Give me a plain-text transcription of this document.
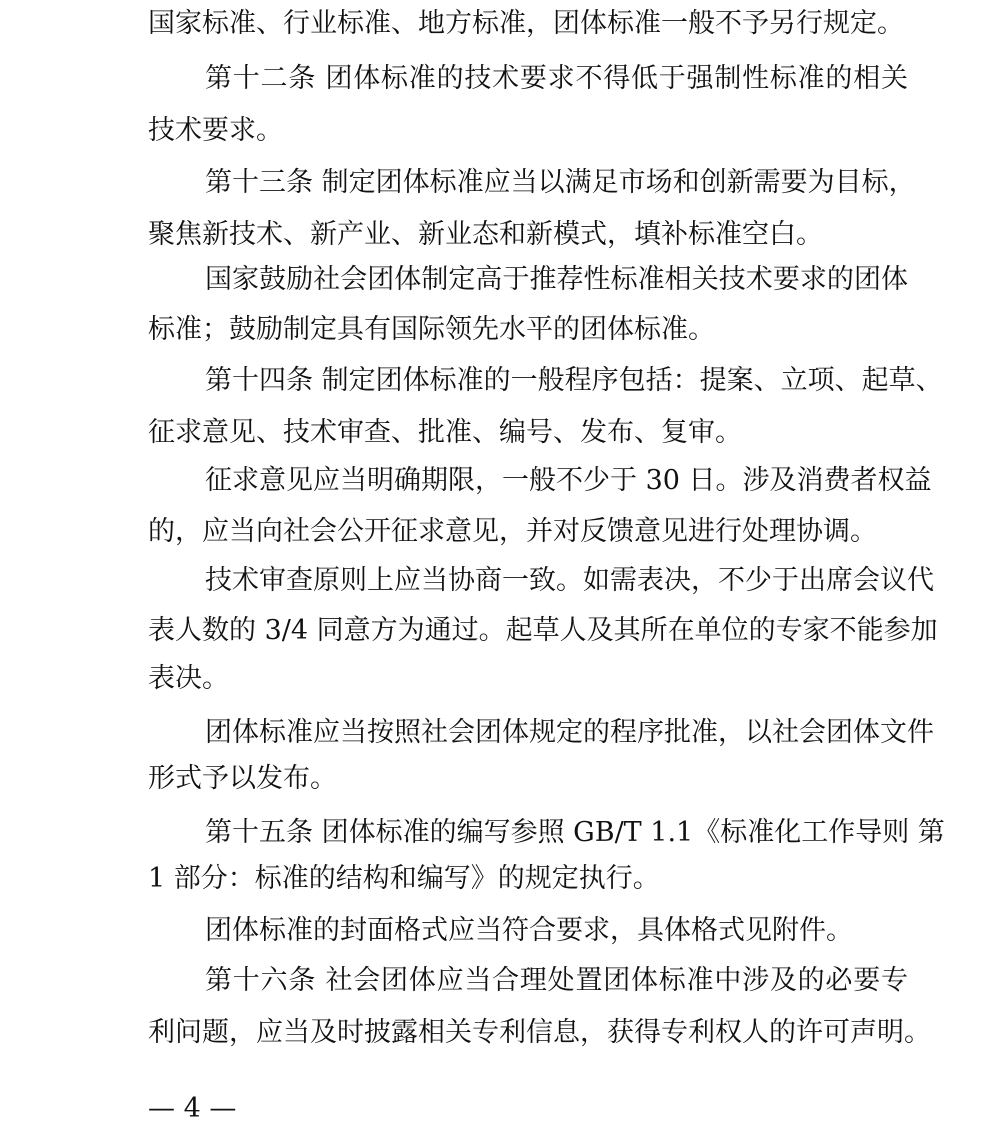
国家标准、行业标准、地方标准，团体标准一般不予另行规定。
第十二条 团体标准的技术要求不得低于强制性标准的相关
技术要求。
第十三条 制定团体标准应当以满足市场和创新需要为目标，
聚焦新技术、新产业、新业态和新模式，填补标准空白。
国家鼓励社会团体制定高于推荐性标准相关技术要求的团体
标准；鼓励制定具有国际领先水平的团体标准。
第十四条 制定团体标准的一般程序包括：提案、立项、起草、
征求意见、技术审查、批准、编号、发布、复审。
征求意见应当明确期限，一般不少于 30 日。涉及消费者权益
的，应当向社会公开征求意见，并对反馈意见进行处理协调。
技术审查原则上应当协商一致。如需表决，不少于出席会议代
表人数的 3/4 同意方为通过。起草人及其所在单位的专家不能参加
表决。
团体标准应当按照社会团体规定的程序批准，以社会团体文件
形式予以发布。
第十五条 团体标准的编写参照 GB/T 1.1《标准化工作导则 第
1 部分：标准的结构和编写》的规定执行。
团体标准的封面格式应当符合要求，具体格式见附件。
第十六条 社会团体应当合理处置团体标准中涉及的必要专
利问题，应当及时披露相关专利信息，获得专利权人的许可声明。
— 4 —
